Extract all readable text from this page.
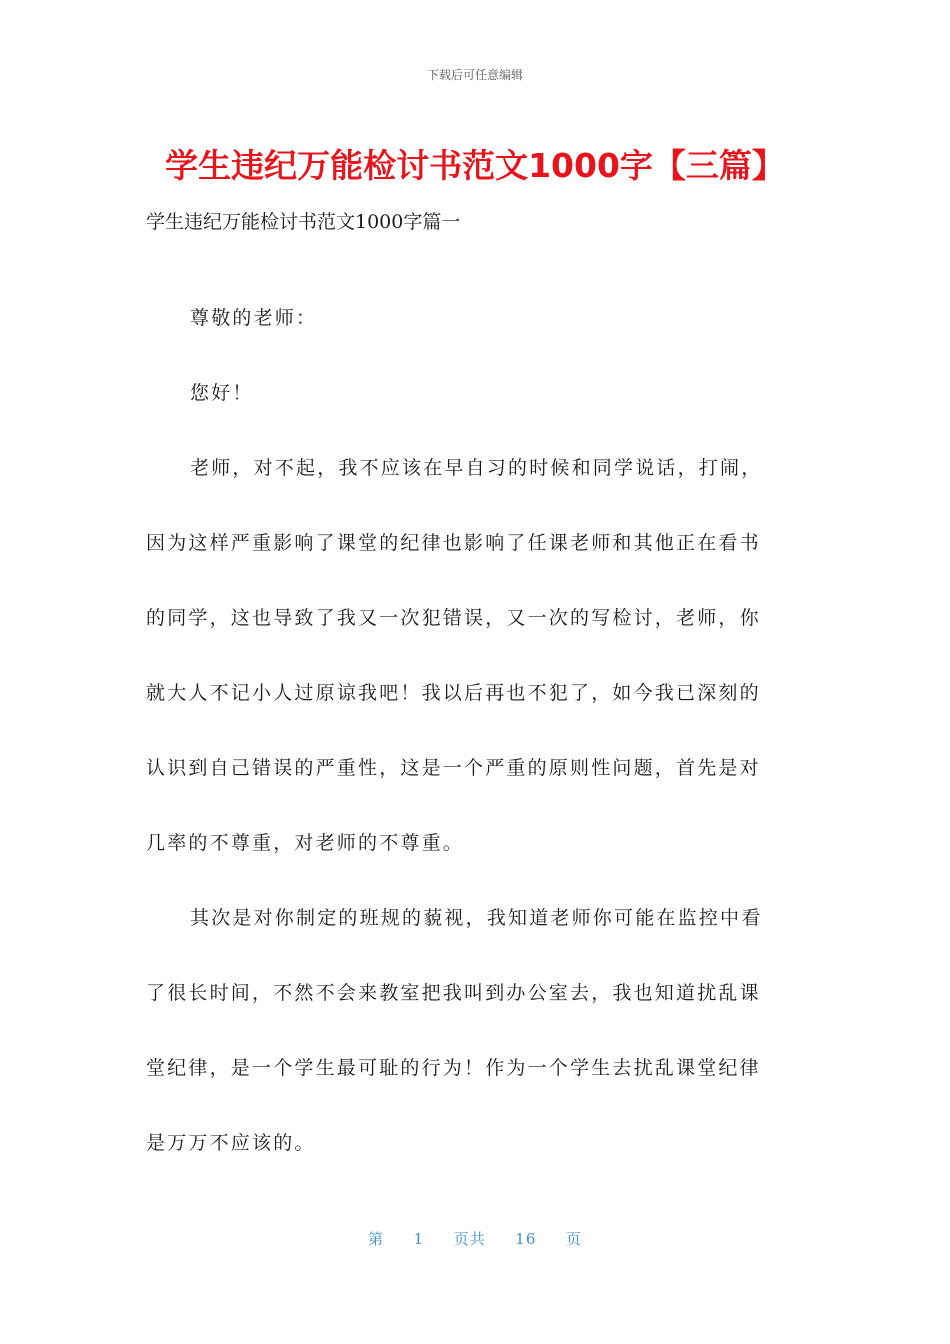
下载后可任意编辑
学生违纪万能检讨书范文1000字【三篇】

学生违纪万能检讨书范文1000字篇一

尊敬的老师：

您好！

老师，对不起，我不应该在早自习的时候和同学说话，打闹，
因为这样严重影响了课堂的纪律也影响了任课老师和其他正在看书
的同学，这也导致了我又一次犯错误，又一次的写检讨，老师，你
就大人不记小人过原谅我吧！我以后再也不犯了，如今我已深刻的
认识到自己错误的严重性，这是一个严重的原则性问题，首先是对
几率的不尊重，对老师的不尊重。

其次是对你制定的班规的藐视，我知道老师你可能在监控中看
了很长时间，不然不会来教室把我叫到办公室去，我也知道扰乱课
堂纪律，是一个学生最可耻的行为！作为一个学生去扰乱课堂纪律
是万万不应该的。

第 1 页共 16 页
